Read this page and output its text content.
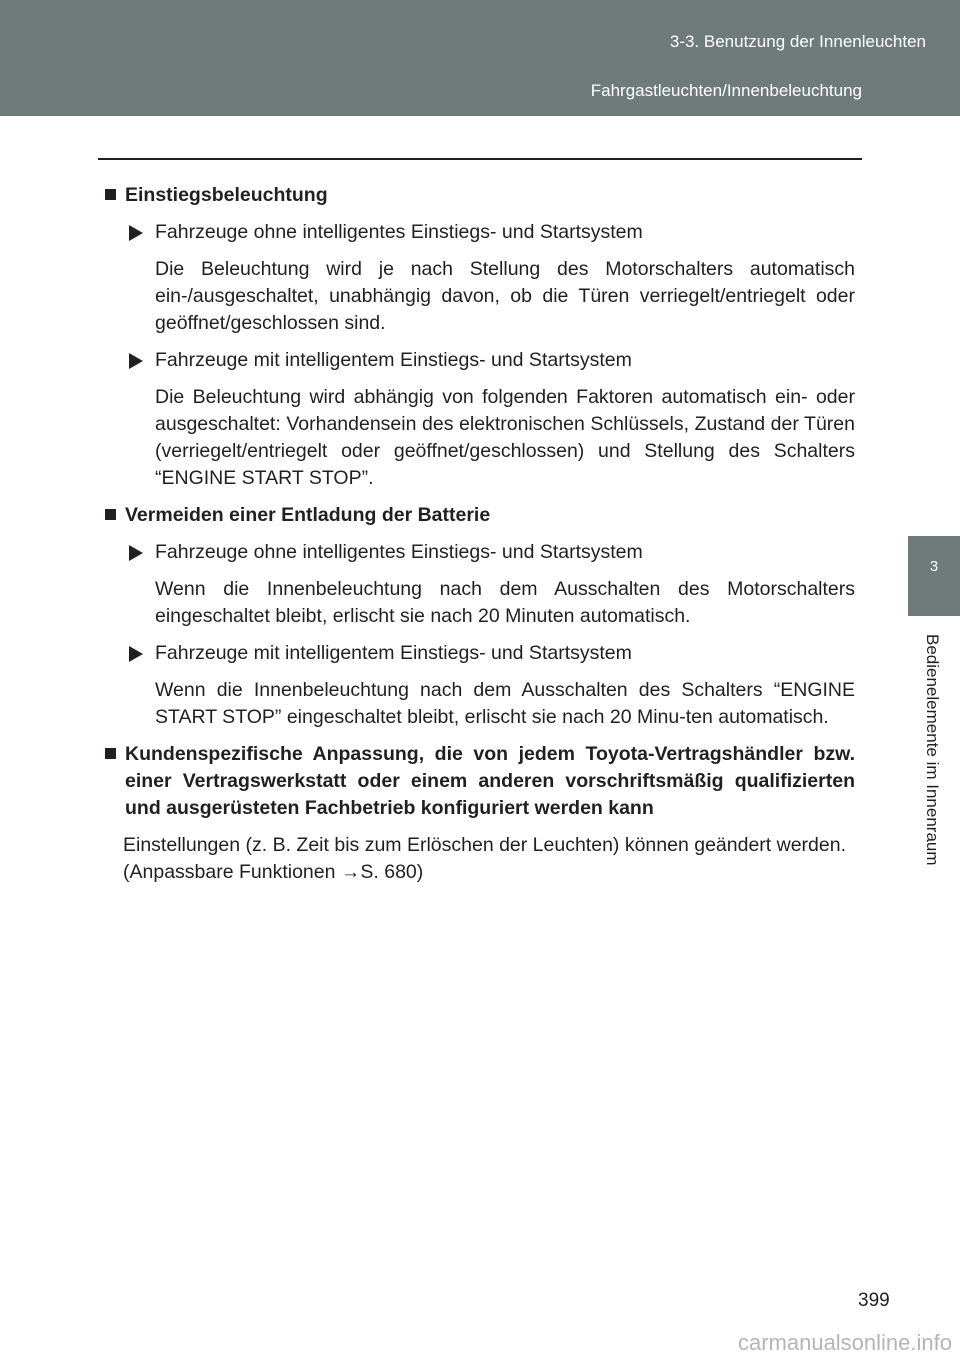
3-3. Benutzung der Innenleuchten
Fahrgastleuchten/Innenbeleuchtung
3
Bedienelemente im Innenraum
Einstiegsbeleuchtung
Fahrzeuge ohne intelligentes Einstiegs- und Startsystem
Die Beleuchtung wird je nach Stellung des Motorschalters automatisch ein-/ausgeschaltet, unabhängig davon, ob die Türen verriegelt/entriegelt oder geöffnet/geschlossen sind.
Fahrzeuge mit intelligentem Einstiegs- und Startsystem
Die Beleuchtung wird abhängig von folgenden Faktoren automatisch ein- oder ausgeschaltet: Vorhandensein des elektronischen Schlüssels, Zustand der Türen (verriegelt/entriegelt oder geöffnet/geschlossen) und Stellung des Schalters “ENGINE START STOP”.
Vermeiden einer Entladung der Batterie
Fahrzeuge ohne intelligentes Einstiegs- und Startsystem
Wenn die Innenbeleuchtung nach dem Ausschalten des Motorschalters eingeschaltet bleibt, erlischt sie nach 20 Minuten automatisch.
Fahrzeuge mit intelligentem Einstiegs- und Startsystem
Wenn die Innenbeleuchtung nach dem Ausschalten des Schalters “ENGINE START STOP” eingeschaltet bleibt, erlischt sie nach 20 Minu-ten automatisch.
Kundenspezifische Anpassung, die von jedem Toyota-Vertragshändler bzw. einer Vertragswerkstatt oder einem anderen vorschriftsmäßig qualifizierten und ausgerüsteten Fachbetrieb konfiguriert werden kann
Einstellungen (z. B. Zeit bis zum Erlöschen der Leuchten) können geändert werden.
(Anpassbare Funktionen →S. 680)
399
carmanualsonline.info
